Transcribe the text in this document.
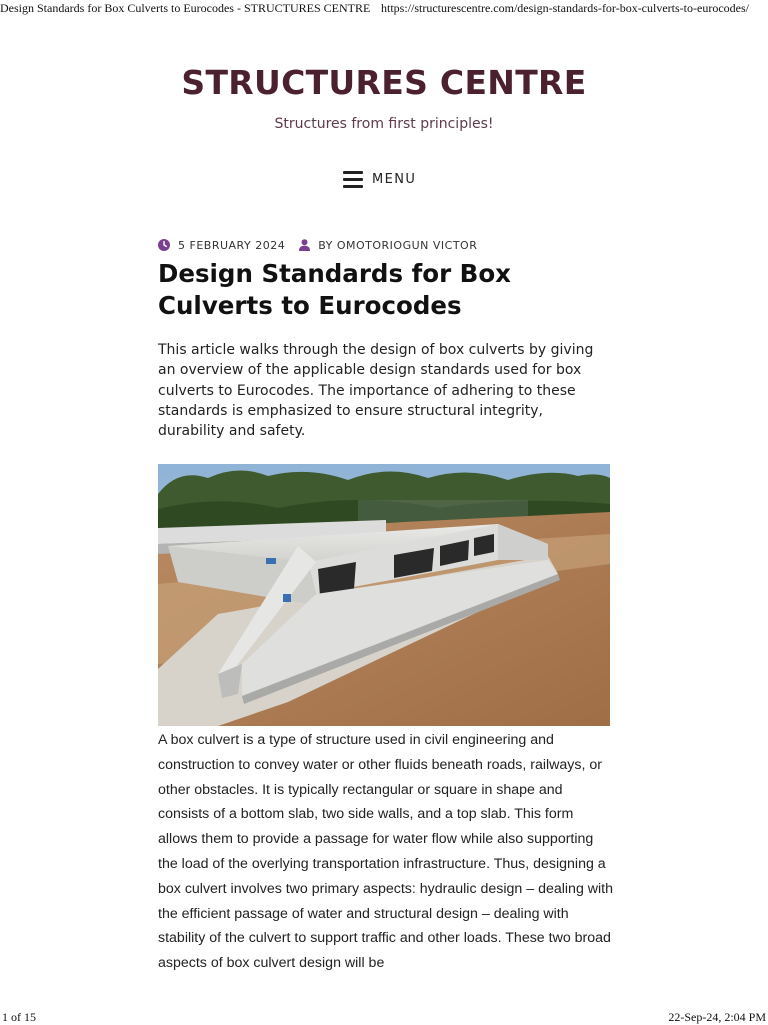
Design Standards for Box Culverts to Eurocodes - STRUCTURES CENTRE https://structurescentre.com/design-standards-for-box-culverts-to-eurocodes/
STRUCTURES CENTRE
Structures from first principles!
MENU
5 FEBRUARY 2024	BY OMOTORIOGUN VICTOR
Design Standards for Box Culverts to Eurocodes

This article walks through the design of box culverts by giving an overview of the applicable design standards used for box culverts to Eurocodes. The importance of adhering to these standards is emphasized to ensure structural integrity, durability and safety.

A box culvert is a type of structure used in civil engineering and construction to convey water or other fluids beneath roads, railways, or other obstacles. It is typically rectangular or square in shape and consists of a bottom slab, two side walls, and a top slab. This form allows them to provide a passage for water flow while also supporting the load of the overlying transportation infrastructure. Thus, designing a box culvert involves two primary aspects: hydraulic design – dealing with the efficient passage of water and structural design – dealing with stability of the culvert to support traffic and other loads. These two broad aspects of box culvert design will be

1 of 15	22-Sep-24, 2:04 PM
